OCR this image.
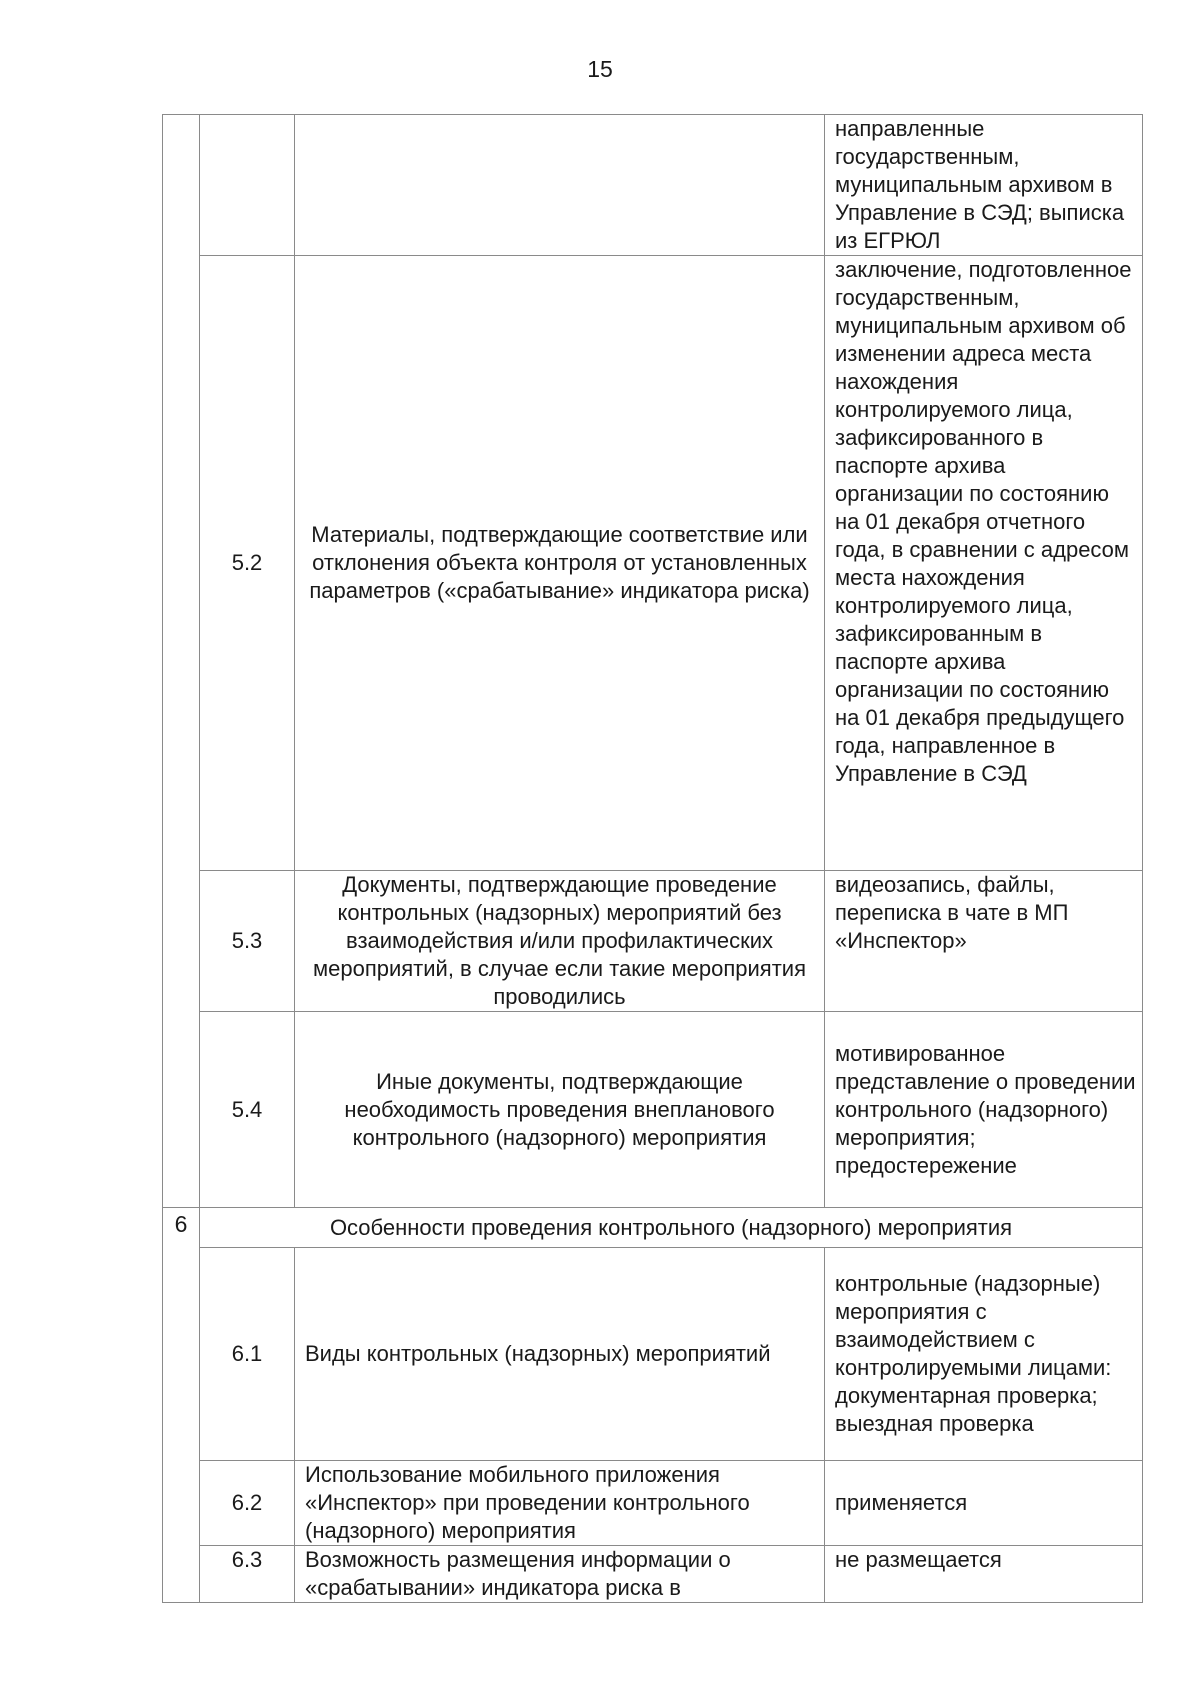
15
			направленные государственным, муниципальным архивом в Управление в СЭД; выписка из ЕГРЮЛ
	5.2	Материалы, подтверждающие соответствие или отклонения объекта контроля от установленных параметров («срабатывание» индикатора риска)	заключение, подготовленное государственным, муниципальным архивом об изменении адреса места нахождения контролируемого лица, зафиксированного в паспорте архива организации по состоянию на 01 декабря отчетного года, в сравнении с адресом места нахождения контролируемого лица, зафиксированным в паспорте архива организации по состоянию на 01 декабря предыдущего года, направленное в Управление в СЭД
	5.3	Документы, подтверждающие проведение контрольных (надзорных) мероприятий без взаимодействия и/или профилактических мероприятий, в случае если такие мероприятия проводились	видеозапись, файлы, переписка в чате в МП «Инспектор»
	5.4	Иные документы, подтверждающие необходимость проведения внепланового контрольного (надзорного) мероприятия	мотивированное представление о проведении контрольного (надзорного) мероприятия; предостережение

6	Особенности проведения контрольного (надзорного) мероприятия		
	6.1	Виды контрольных (надзорных) мероприятий	контрольные (надзорные) мероприятия с взаимодействием с контролируемыми лицами: документарная проверка; выездная проверка
	6.2	Использование мобильного приложения «Инспектор» при проведении контрольного (надзорного) мероприятия	применяется
	6.3	Возможность размещения информации о «срабатывании» индикатора риска в	не размещается
